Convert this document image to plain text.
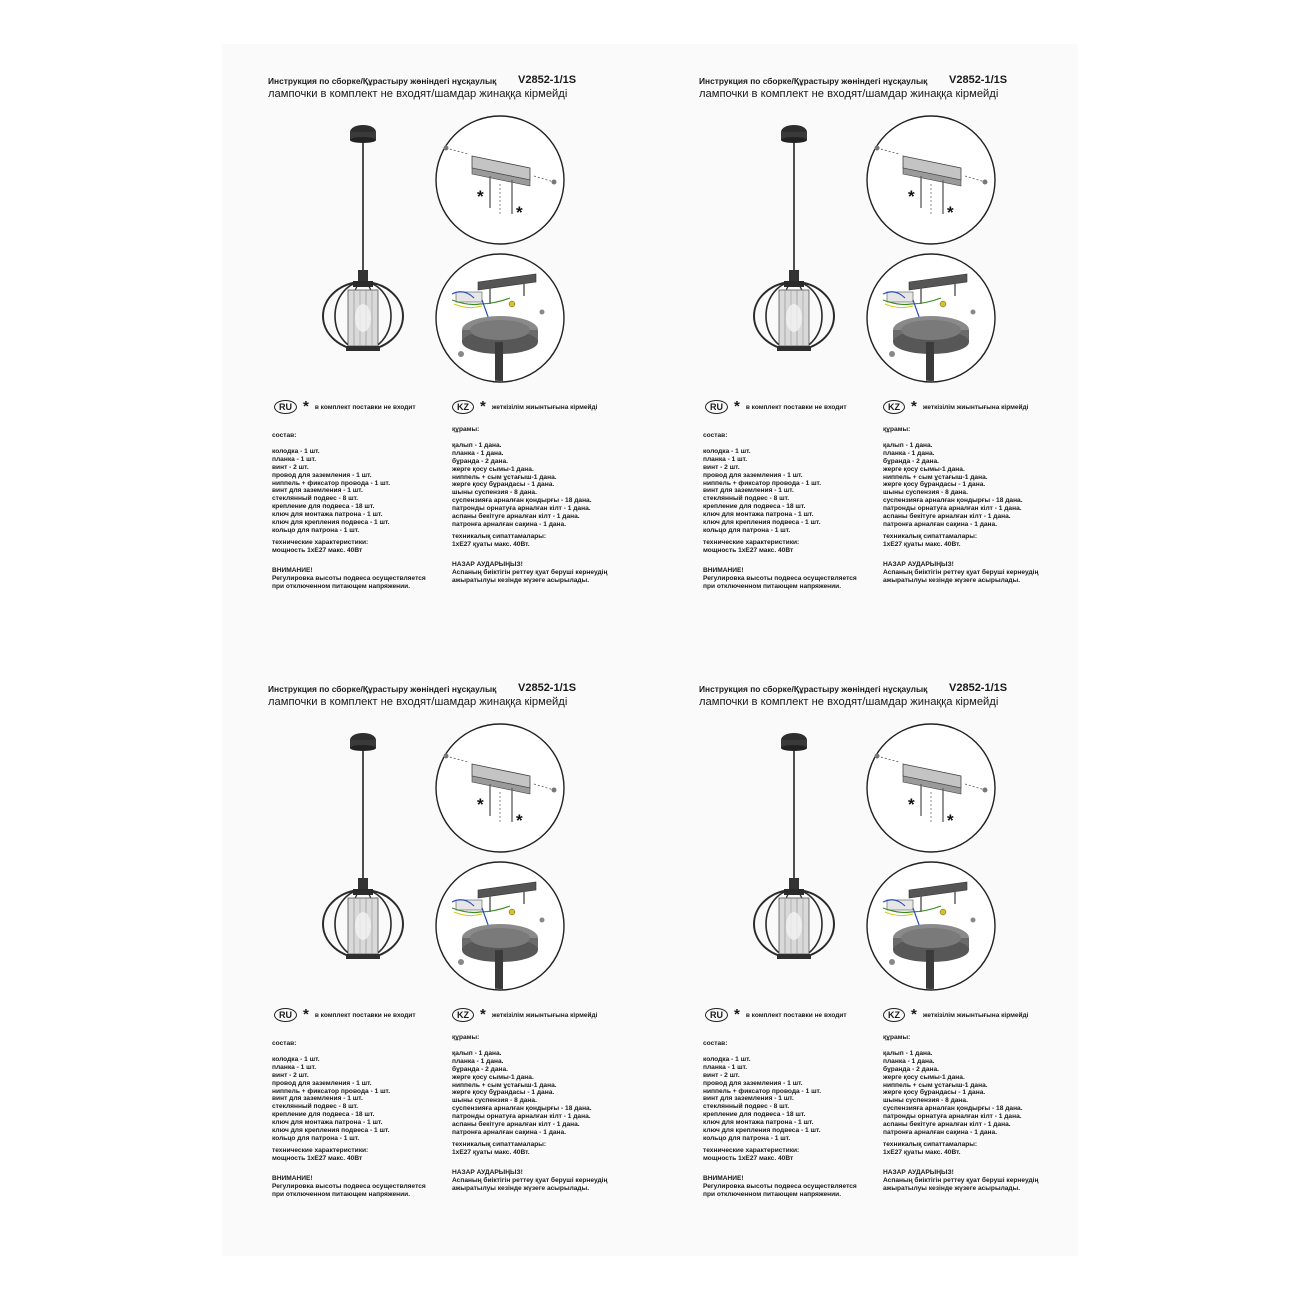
Инструкция по сборке/Құрастыру жөніндегі нұсқаулық	V2852-1/1S
лампочки в комплект не входят/шамдар жинаққа кірмейді
*
*
RU * в комплект поставки не входит	KZ * жеткізілім жиынтығына кірмейді
состав:
колодка - 1 шт.
планка - 1 шт.
винт - 2 шт.
провод для заземления - 1 шт.
ниппель + фиксатор провода - 1 шт.
винт для заземления - 1 шт.
стеклянный подвес - 8 шт.
крепление для подвеса - 18 шт.
ключ для монтажа патрона - 1 шт.
ключ для крепления подвеса - 1 шт.
кольцо для патрона - 1 шт.
технические характеристики:
мощность 1xE27 макс. 40Вт
ВНИМАНИЕ!
Регулировка высоты подвеса осуществляется
при отключенном питающем напряжении.
құрамы:
қалып - 1 дана.
планка - 1 дана.
бұранда - 2 дана.
жерге қосу сымы-1 дана.
ниппель + сым ұстағыш-1 дана.
жерге қосу бұрандасы - 1 дана.
шыны суспензия - 8 дана.
суспензияға арналған қондырғы - 18 дана.
патронды орнатуға арналған кілт - 1 дана.
аспаны бекітуге арналған кілт - 1 дана.
патронға арналған сақина - 1 дана.
техникалық сипаттамалары:
1xE27 қуаты макс. 40Вт.
НАЗАР АУДАРЫҢЫЗ!
Аспаның биіктігін реттеу қуат беруші кернеудің
ажыратылуы кезінде жүзеге асырылады.
Инструкция по сборке/Құрастыру жөніндегі нұсқаулық	V2852-1/1S
лампочки в комплект не входят/шамдар жинаққа кірмейді
*
*
RU * в комплект поставки не входит	KZ * жеткізілім жиынтығына кірмейді
состав:
колодка - 1 шт.
планка - 1 шт.
винт - 2 шт.
провод для заземления - 1 шт.
ниппель + фиксатор провода - 1 шт.
винт для заземления - 1 шт.
стеклянный подвес - 8 шт.
крепление для подвеса - 18 шт.
ключ для монтажа патрона - 1 шт.
ключ для крепления подвеса - 1 шт.
кольцо для патрона - 1 шт.
технические характеристики:
мощность 1xE27 макс. 40Вт
ВНИМАНИЕ!
Регулировка высоты подвеса осуществляется
при отключенном питающем напряжении.
құрамы:
қалып - 1 дана.
планка - 1 дана.
бұранда - 2 дана.
жерге қосу сымы-1 дана.
ниппель + сым ұстағыш-1 дана.
жерге қосу бұрандасы - 1 дана.
шыны суспензия - 8 дана.
суспензияға арналған қондырғы - 18 дана.
патронды орнатуға арналған кілт - 1 дана.
аспаны бекітуге арналған кілт - 1 дана.
патронға арналған сақина - 1 дана.
техникалық сипаттамалары:
1xE27 қуаты макс. 40Вт.
НАЗАР АУДАРЫҢЫЗ!
Аспаның биіктігін реттеу қуат беруші кернеудің
ажыратылуы кезінде жүзеге асырылады.
Инструкция по сборке/Құрастыру жөніндегі нұсқаулық	V2852-1/1S
лампочки в комплект не входят/шамдар жинаққа кірмейді
*
*
RU * в комплект поставки не входит	KZ * жеткізілім жиынтығына кірмейді
состав:
колодка - 1 шт.
планка - 1 шт.
винт - 2 шт.
провод для заземления - 1 шт.
ниппель + фиксатор провода - 1 шт.
винт для заземления - 1 шт.
стеклянный подвес - 8 шт.
крепление для подвеса - 18 шт.
ключ для монтажа патрона - 1 шт.
ключ для крепления подвеса - 1 шт.
кольцо для патрона - 1 шт.
технические характеристики:
мощность 1xE27 макс. 40Вт
ВНИМАНИЕ!
Регулировка высоты подвеса осуществляется
при отключенном питающем напряжении.
құрамы:
қалып - 1 дана.
планка - 1 дана.
бұранда - 2 дана.
жерге қосу сымы-1 дана.
ниппель + сым ұстағыш-1 дана.
жерге қосу бұрандасы - 1 дана.
шыны суспензия - 8 дана.
суспензияға арналған қондырғы - 18 дана.
патронды орнатуға арналған кілт - 1 дана.
аспаны бекітуге арналған кілт - 1 дана.
патронға арналған сақина - 1 дана.
техникалық сипаттамалары:
1xE27 қуаты макс. 40Вт.
НАЗАР АУДАРЫҢЫЗ!
Аспаның биіктігін реттеу қуат беруші кернеудің
ажыратылуы кезінде жүзеге асырылады.
Инструкция по сборке/Құрастыру жөніндегі нұсқаулық	V2852-1/1S
лампочки в комплект не входят/шамдар жинаққа кірмейді
*
*
RU * в комплект поставки не входит	KZ * жеткізілім жиынтығына кірмейді
состав:
колодка - 1 шт.
планка - 1 шт.
винт - 2 шт.
провод для заземления - 1 шт.
ниппель + фиксатор провода - 1 шт.
винт для заземления - 1 шт.
стеклянный подвес - 8 шт.
крепление для подвеса - 18 шт.
ключ для монтажа патрона - 1 шт.
ключ для крепления подвеса - 1 шт.
кольцо для патрона - 1 шт.
технические характеристики:
мощность 1xE27 макс. 40Вт
ВНИМАНИЕ!
Регулировка высоты подвеса осуществляется
при отключенном питающем напряжении.
құрамы:
қалып - 1 дана.
планка - 1 дана.
бұранда - 2 дана.
жерге қосу сымы-1 дана.
ниппель + сым ұстағыш-1 дана.
жерге қосу бұрандасы - 1 дана.
шыны суспензия - 8 дана.
суспензияға арналған қондырғы - 18 дана.
патронды орнатуға арналған кілт - 1 дана.
аспаны бекітуге арналған кілт - 1 дана.
патронға арналған сақина - 1 дана.
техникалық сипаттамалары:
1xE27 қуаты макс. 40Вт.
НАЗАР АУДАРЫҢЫЗ!
Аспаның биіктігін реттеу қуат беруші кернеудің
ажыратылуы кезінде жүзеге асырылады.
